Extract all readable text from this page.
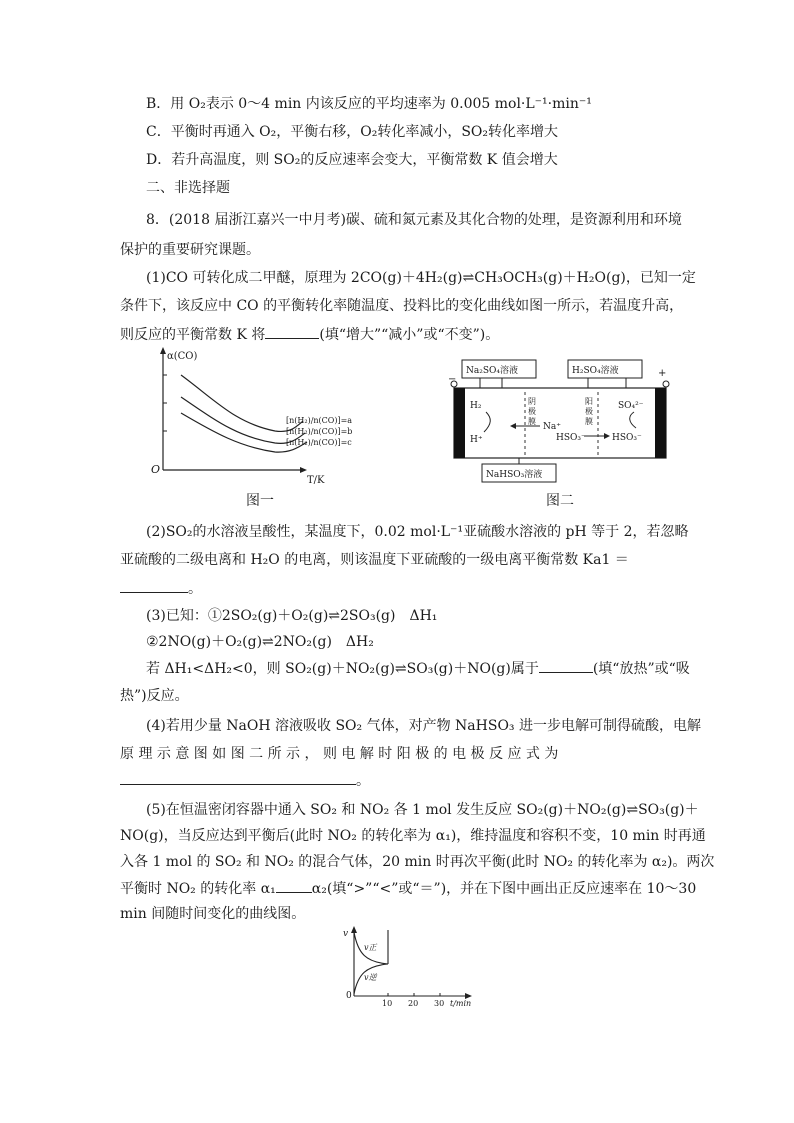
B．用 O₂表示 0～4 min 内该反应的平均速率为 0.005 mol·L⁻¹·min⁻¹
C．平衡时再通入 O₂，平衡右移，O₂转化率减小，SO₂转化率增大
D．若升高温度，则 SO₂的反应速率会变大，平衡常数 K 值会增大
二、非选择题
8．(2018 届浙江嘉兴一中月考)碳、硫和氮元素及其化合物的处理，是资源利用和环境
保护的重要研究课题。
(1)CO 可转化成二甲醚，原理为 2CO(g)＋4H₂(g)⇌CH₃OCH₃(g)＋H₂O(g)，已知一定
条件下，该反应中 CO 的平衡转化率随温度、投料比的变化曲线如图一所示，若温度升高，
则反应的平衡常数 K 将	(填“增大”“减小”或“不变”)。
α(CO)
O
T/K
[n(H₂)/n(CO)]=a
[n(H₂)/n(CO)]=b
[n(H₂)/n(CO)]=c
图一
Na₂SO₄溶液	H₂SO₄溶液
NaHSO₃溶液
−
+
H₂
H⁺
阴
极
膜
阳
极
膜
Na⁺
SO₄²⁻
HSO₃⁻	HSO₃⁻
图二
(2)SO₂的水溶液呈酸性，某温度下，0.02 mol·L⁻¹亚硫酸水溶液的 pH 等于 2，若忽略
亚硫酸的二级电离和 H₂O 的电离，则该温度下亚硫酸的一级电离平衡常数 Ka1 ＝
。
(3)已知：①2SO₂(g)＋O₂(g)⇌2SO₃(g)　ΔH₁
②2NO(g)＋O₂(g)⇌2NO₂(g)　ΔH₂
若 ΔH₁<ΔH₂<0，则 SO₂(g)＋NO₂(g)⇌SO₃(g)＋NO(g)属于	(填“放热”或“吸
热”)反应。
(4)若用少量 NaOH 溶液吸收 SO₂ 气体，对产物 NaHSO₃ 进一步电解可制得硫酸，电解
原 理 示 意 图 如 图 二 所 示 ， 则 电 解 时 阳 极 的 电 极 反 应 式 为
。
(5)在恒温密闭容器中通入 SO₂ 和 NO₂ 各 1 mol 发生反应 SO₂(g)＋NO₂(g)⇌SO₃(g)＋
NO(g)，当反应达到平衡后(此时 NO₂ 的转化率为 α₁)，维持温度和容积不变，10 min 时再通
入各 1 mol 的 SO₂ 和 NO₂ 的混合气体，20 min 时再次平衡(此时 NO₂ 的转化率为 α₂)。两次
平衡时 NO₂ 的转化率 α₁	α₂(填“>”“<”或“＝”)，并在下图中画出正反应速率在 10～30
min 间随时间变化的曲线图。
v
0
v正
v逆
10 20 30 t/min
